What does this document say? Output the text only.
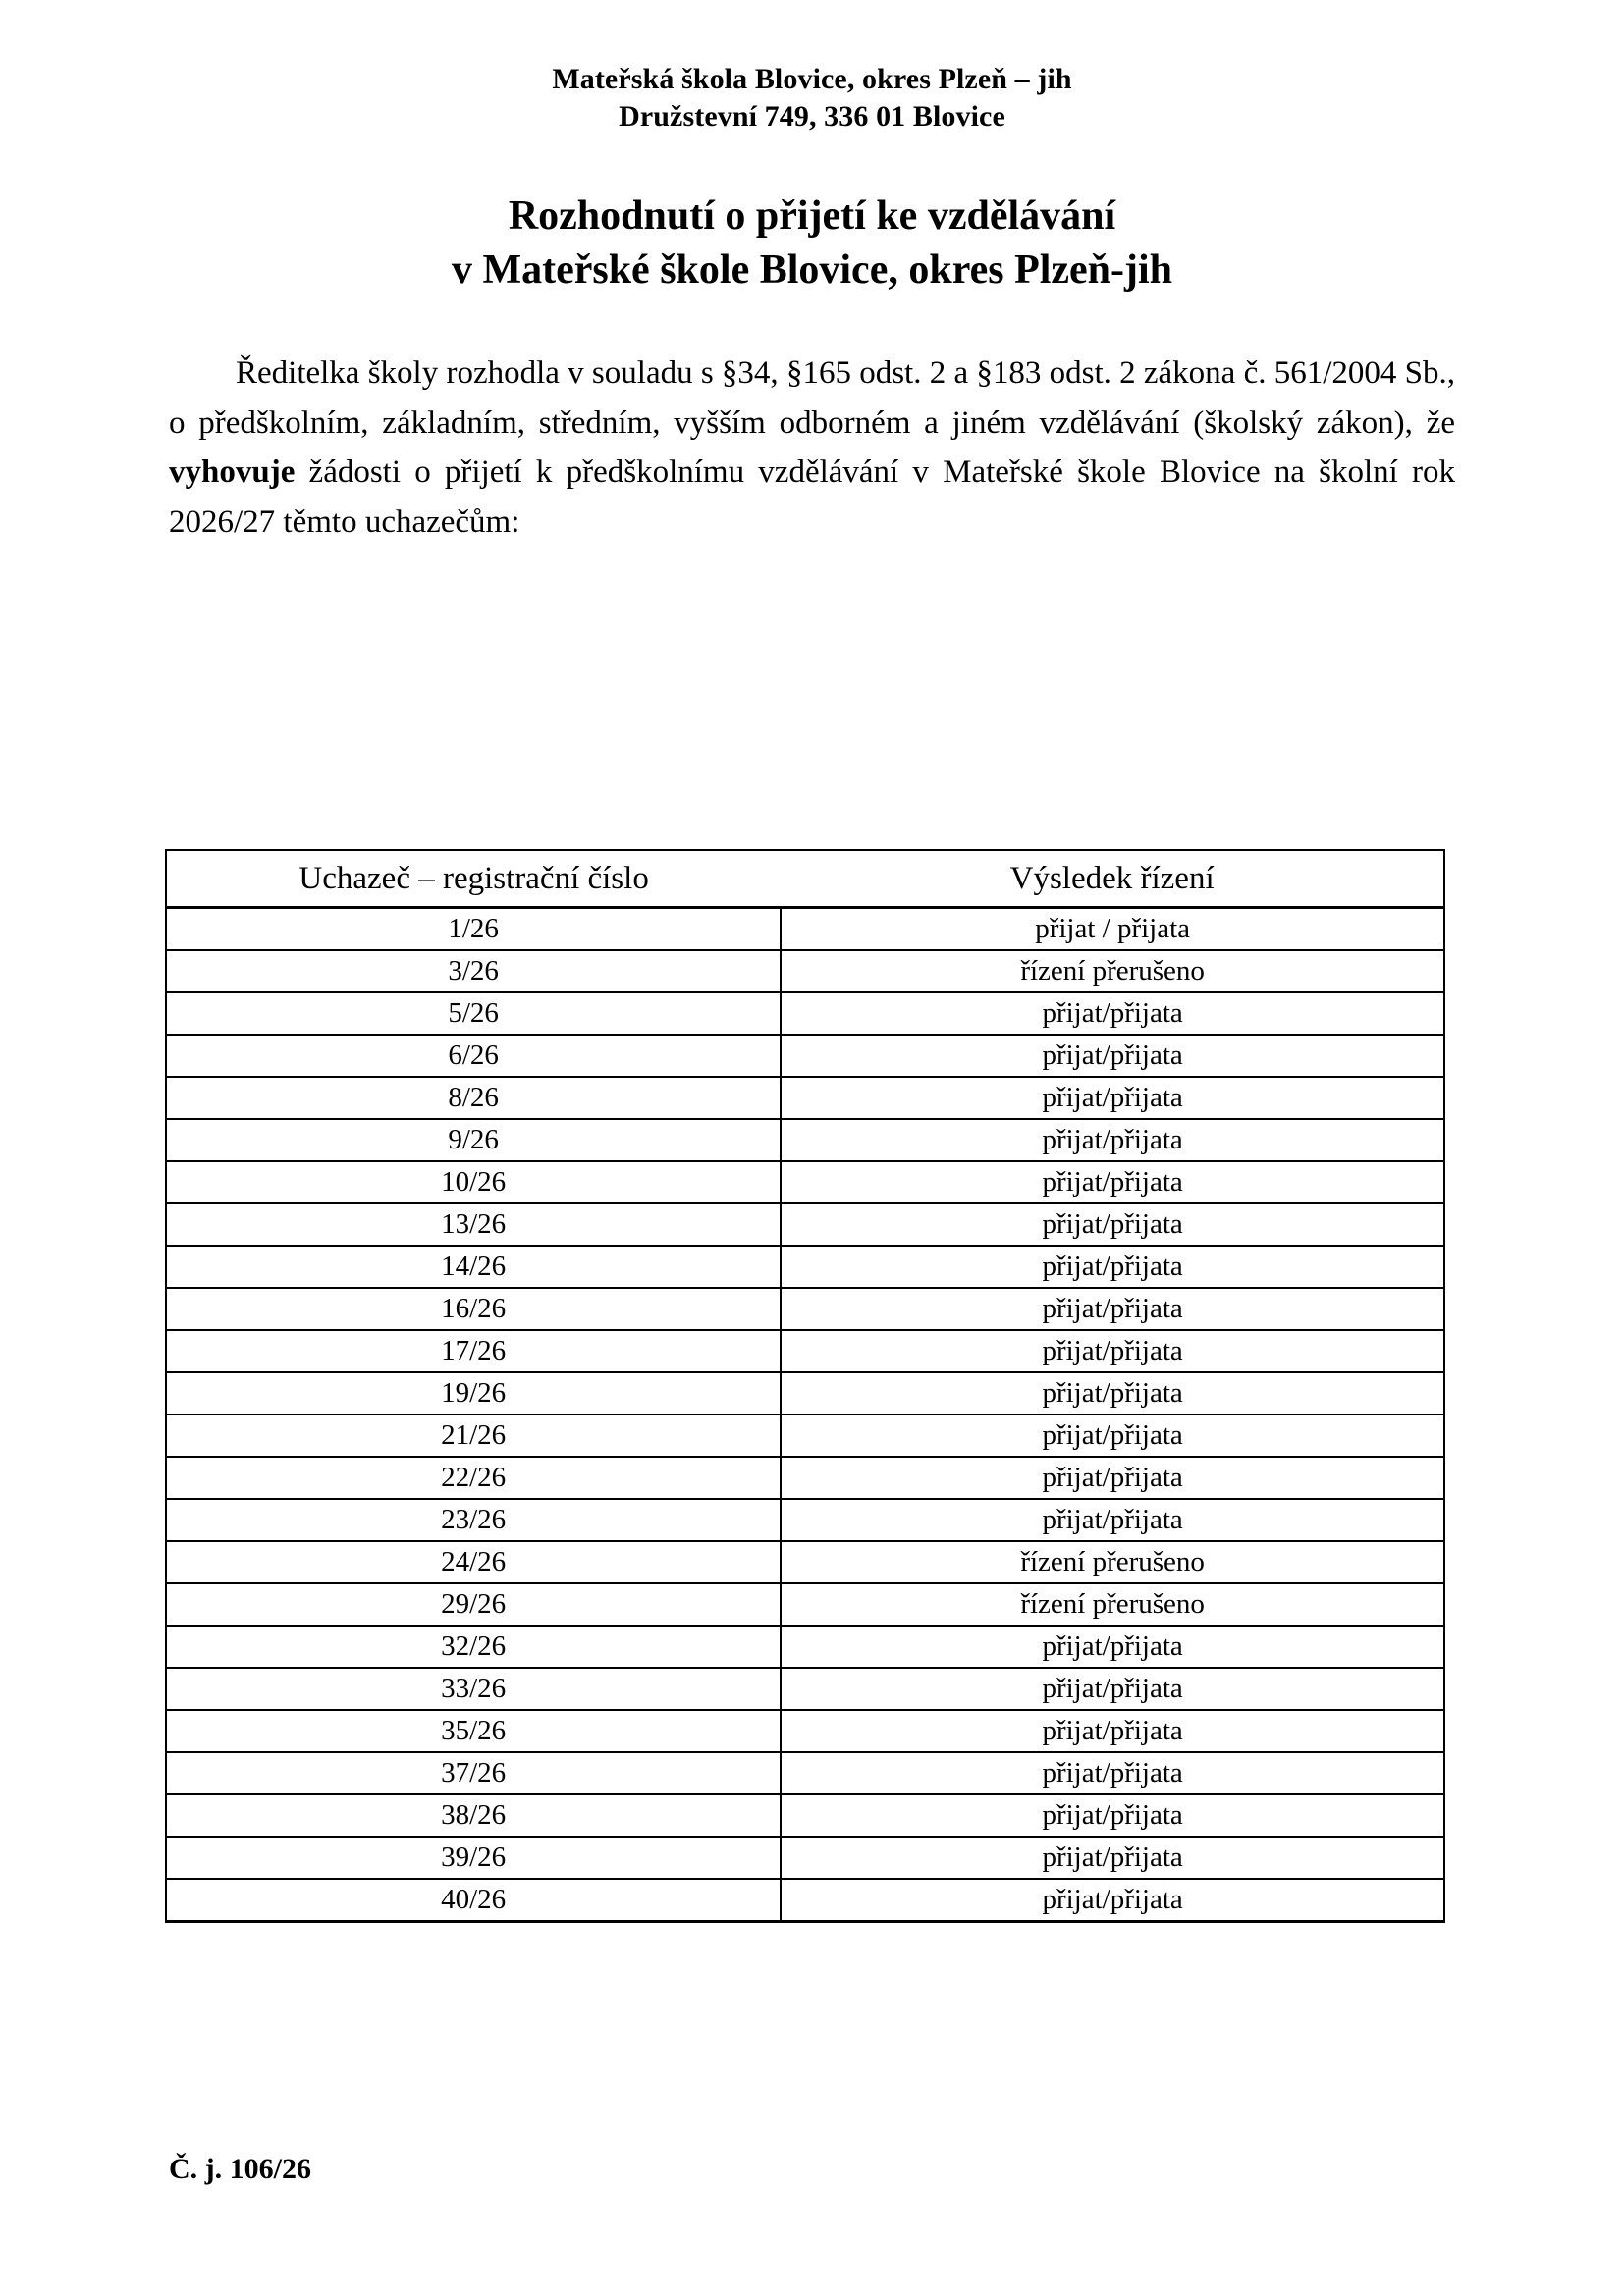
Mateřská škola Blovice, okres Plzeň – jih
Družstevní 749, 336 01 Blovice
Rozhodnutí o přijetí ke vzdělávání
v Mateřské škole Blovice, okres Plzeň-jih

Ředitelka školy rozhodla v souladu s §34, §165 odst. 2 a §183 odst. 2 zákona č. 561/2004 Sb., o předškolním, základním, středním, vyšším odborném a jiném vzdělávání (školský zákon), že vyhovuje žádosti o přijetí k předškolnímu vzdělávání v Mateřské škole Blovice na školní rok 2026/27 těmto uchazečům:

Uchazeč – registrační číslo	Výsledek řízení
1/26	přijat / přijata
3/26	řízení přerušeno
5/26	přijat/přijata
6/26	přijat/přijata
8/26	přijat/přijata
9/26	přijat/přijata
10/26	přijat/přijata
13/26	přijat/přijata
14/26	přijat/přijata
16/26	přijat/přijata
17/26	přijat/přijata
19/26	přijat/přijata
21/26	přijat/přijata
22/26	přijat/přijata
23/26	přijat/přijata
24/26	řízení přerušeno
29/26	řízení přerušeno
32/26	přijat/přijata
33/26	přijat/přijata
35/26	přijat/přijata
37/26	přijat/přijata
38/26	přijat/přijata
39/26	přijat/přijata
40/26	přijat/přijata
Č. j. 106/26
